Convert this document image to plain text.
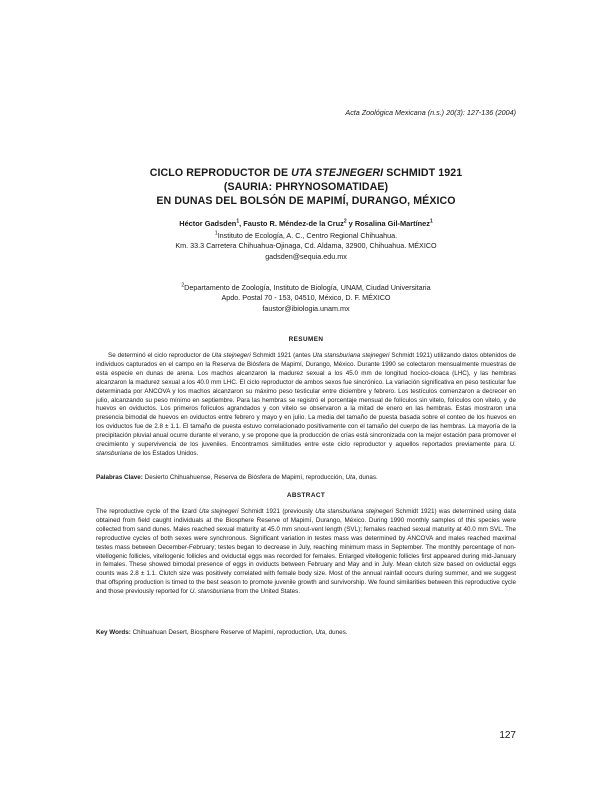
Acta Zoológica Mexicana (n.s.) 20(3): 127-136 (2004)
CICLO REPRODUCTOR DE UTA STEJNEGERI SCHMIDT 1921
(SAURIA: PHRYNOSOMATIDAE)
EN DUNAS DEL BOLSÓN DE MAPIMÍ, DURANGO, MÉXICO
Héctor Gadsden$^1$, Fausto R. Méndez-de la Cruz$^2$ y Rosalina Gil-Martínez$^1$
$^1$Instituto de Ecología, A. C., Centro Regional Chihuahua.
Km. 33.3 Carretera Chihuahua-Ojinaga, Cd. Aldama, 32900, Chihuahua. MÉXICO
gadsden@sequia.edu.mx
$^2$Departamento de Zoología, Instituto de Biología, UNAM, Ciudad Universitaria
Apdo. Postal 70 - 153, 04510, México, D. F. MÉXICO
faustor@ibiologia.unam.mx
RESUMEN
Se determinó el ciclo reproductor de Uta stejnegeri Schmidt 1921 (antes Uta stansburiana stejnegeri Schmidt 1921) utilizando datos obtenidos de individuos capturados en el campo en la Reserva de Biósfera de Mapimí, Durango, México. Durante 1990 se colectaron mensualmente muestras de esta especie en dunas de arena. Los machos alcanzaron la madurez sexual a los 45.0 mm de longitud hocico-cloaca (LHC), y las hembras alcanzaron la madurez sexual a los 40.0 mm LHC. El ciclo reproductor de ambos sexos fue sincrónico. La variación significativa en peso testicular fue determinada por ANCOVA y los machos alcanzaron su máximo peso testicular entre diciembre y febrero. Los testículos comenzaron a decrecer en julio, alcanzando su peso mínimo en septiembre. Para las hembras se registró el porcentaje mensual de folículos sin vitelo, folículos con vitelo, y de huevos en oviductos. Los primeros folículos agrandados y con vitelo se observaron a la mitad de enero en las hembras. Estas mostraron una presencia bimodal de huevos en oviductos entre febrero y mayo y en julio. La media del tamaño de puesta basada sobre el conteo de los huevos en los oviductos fue de 2.8 ± 1.1. El tamaño de puesta estuvo correlacionado positivamente con el tamaño del cuerpo de las hembras. La mayoría de la precipitación pluvial anual ocurre durante el verano, y se propone que la producción de crías está sincronizada con la mejor estación para promover el crecimiento y supervivencia de los juveniles. Encontramos similitudes entre este ciclo reproductor y aquellos reportados previamente para U. stansburiana de los Estados Unidos.
Palabras Clave: Desierto Chihuahuense, Reserva de Biósfera de Mapimí, reproducción, Uta, dunas.
ABSTRACT
The reproductive cycle of the lizard Uta stejnegeri Schmidt 1921 (previously Uta stansburiana stejnegeri Schmidt 1921) was determined using data obtained from field caught individuals at the Biosphere Reserve of Mapimí, Durango, México. During 1990 monthly samples of this species were collected from sand dunes. Males reached sexual maturity at 45.0 mm snout-vent length (SVL); females reached sexual maturity at 40.0 mm SVL. The reproductive cycles of both sexes were synchronous. Significant variation in testes mass was determined by ANCOVA and males reached maximal testes mass between December-February; testes began to decrease in July, reaching minimum mass in September. The monthly percentage of non-vitellogenic follicles, vitellogenic follicles and oviductal eggs was recorded for females. Enlarged vitellogenic follicles first appeared during mid-January in females. These showed bimodal presence of eggs in oviducts between February and May and in July. Mean clutch size based on oviductal eggs counts was 2.8 ± 1.1. Clutch size was positively correlated with female body size. Most of the annual rainfall occurs during summer, and we suggest that offspring production is timed to the best season to promote juvenile growth and survivorship. We found similarities between this reproductive cycle and those previously reported for U. stansburiana from the United States.
Key Words: Chihuahuan Desert, Biosphere Reserve of Mapimí, reproduction, Uta, dunes.
127
